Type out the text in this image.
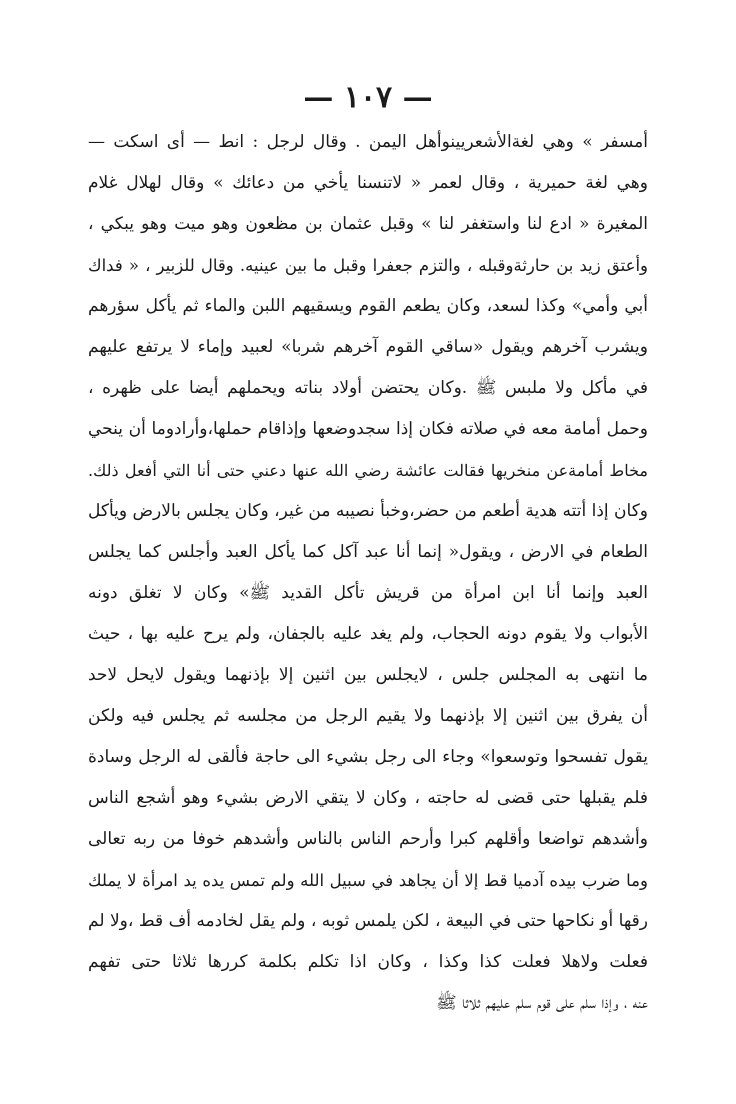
— ١٠٧ —
أمسفر » وهي لغةالأشعريينوأهل اليمن . وقال لرجل : انط — أى اسكت —
وهي لغة حميرية ، وقال لعمر « لاتنسنا يأخي من دعائك » وقال لهلال غلام
المغيرة « ادع لنا واستغفر لنا » وقبل عثمان بن مظعون وهو ميت وهو يبكي ،
وأعتق زيد بن حارثةوقبله ، والتزم جعفرا وقبل ما بين عينيه. وقال للزبير ، « فداك
أبي وأمي» وكذا لسعد، وكان يطعم القوم ويسقيهم اللبن والماء ثم يأكل سؤرهم
ويشرب آخرهم ويقول «ساقي القوم آخرهم شربا» لعبيد وإماء لا يرتفع عليهم
في مأكل ولا ملبس ﷺ .وكان يحتضن أولاد بناته ويحملهم أيضا على ظهره ،
وحمل أمامة معه في صلاته فكان إذا سجدوضعها وإذاقام حملها،وأرادوما أن ينحي
مخاط أمامةعن منخريها فقالت عائشة رضي الله عنها دعني حتى أنا التي أفعل ذلك.
وكان إذا أتته هدية أطعم من حضر،وخبأ نصيبه من غير، وكان يجلس بالارض ويأكل
الطعام في الارض ، ويقول« إنما أنا عبد آكل كما يأكل العبد وأجلس كما يجلس
العبد وإنما أنا ابن امرأة من قريش تأكل القديد ﷺ» وكان لا تغلق دونه
الأبواب ولا يقوم دونه الحجاب، ولم يغد عليه بالجفان، ولم يرح عليه بها ، حيث
ما انتهى به المجلس جلس ، لايجلس بين اثنين إلا بإذنهما ويقول لايحل لاحد
أن يفرق بين اثنين إلا بإذنهما ولا يقيم الرجل من مجلسه ثم يجلس فيه ولكن
يقول تفسحوا وتوسعوا» وجاء الى رجل بشيء الى حاجة فألقى له الرجل وسادة
فلم يقبلها حتى قضى له حاجته ، وكان لا يتقي الارض بشيء وهو أشجع الناس
وأشدهم تواضعا وأقلهم كبرا وأرحم الناس بالناس وأشدهم خوفا من ربه تعالى
وما ضرب بيده آدميا قط إلا أن يجاهد في سبيل الله ولم تمس يده يد امرأة لا يملك
رقها أو نكاحها حتى في البيعة ، لكن يلمس ثوبه ، ولم يقل لخادمه أف قط ،ولا لم
فعلت ولاهلا فعلت كذا وكذا ، وكان اذا تكلم بكلمة كررها ثلاثا حتى تفهم
عنه ، وإذا سلم على قوم سلم عليهم ثلاثا ﷺ
